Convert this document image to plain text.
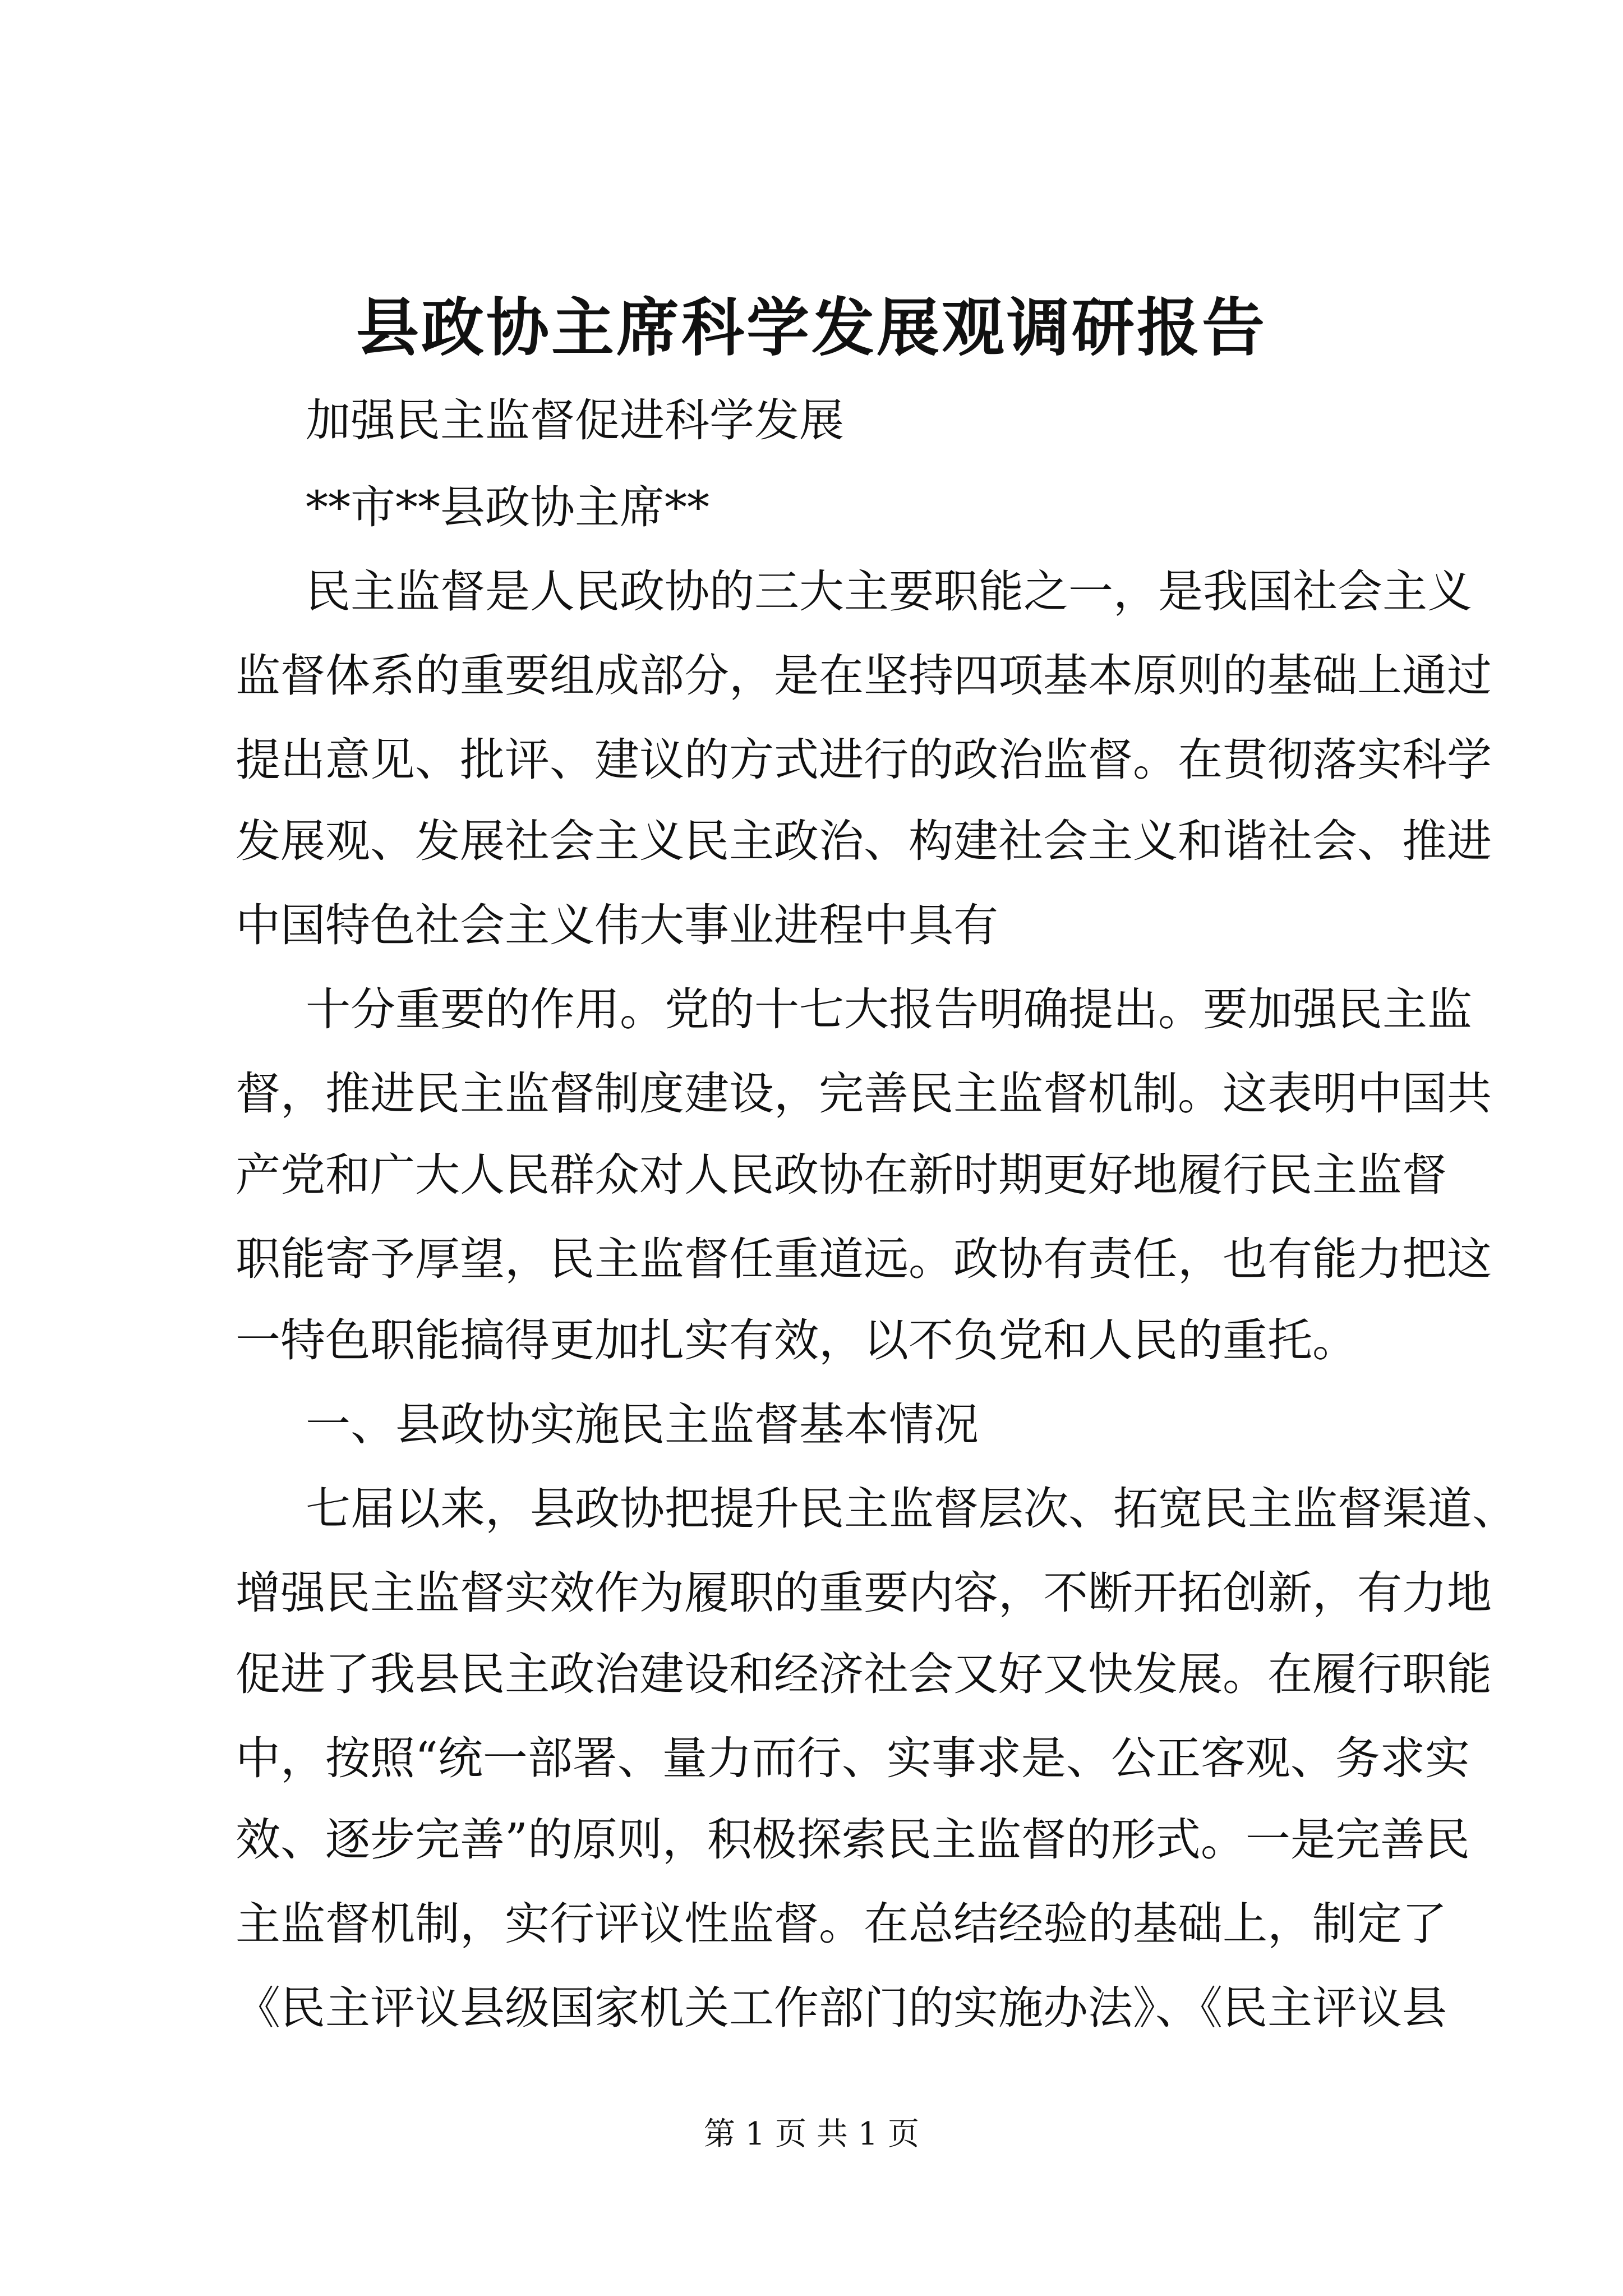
县政协主席科学发展观调研报告
加强民主监督促进科学发展
**市**县政协主席**
民主监督是人民政协的三大主要职能之一，是我国社会主义
监督体系的重要组成部分，是在坚持四项基本原则的基础上通过
提出意见、批评、建议的方式进行的政治监督。在贯彻落实科学
发展观、发展社会主义民主政治、构建社会主义和谐社会、推进
中国特色社会主义伟大事业进程中具有
十分重要的作用。党的十七大报告明确提出。要加强民主监
督，推进民主监督制度建设，完善民主监督机制。这表明中国共
产党和广大人民群众对人民政协在新时期更好地履行民主监督
职能寄予厚望，民主监督任重道远。政协有责任，也有能力把这
一特色职能搞得更加扎实有效，以不负党和人民的重托。
一、县政协实施民主监督基本情况
七届以来，县政协把提升民主监督层次、拓宽民主监督渠道、
增强民主监督实效作为履职的重要内容，不断开拓创新，有力地
促进了我县民主政治建设和经济社会又好又快发展。在履行职能
中，按照“统一部署、量力而行、实事求是、公正客观、务求实
效、逐步完善”的原则，积极探索民主监督的形式。一是完善民
主监督机制，实行评议性监督。在总结经验的基础上，制定了
《民主评议县级国家机关工作部门的实施办法》、《民主评议县
第 1 页 共 1 页
